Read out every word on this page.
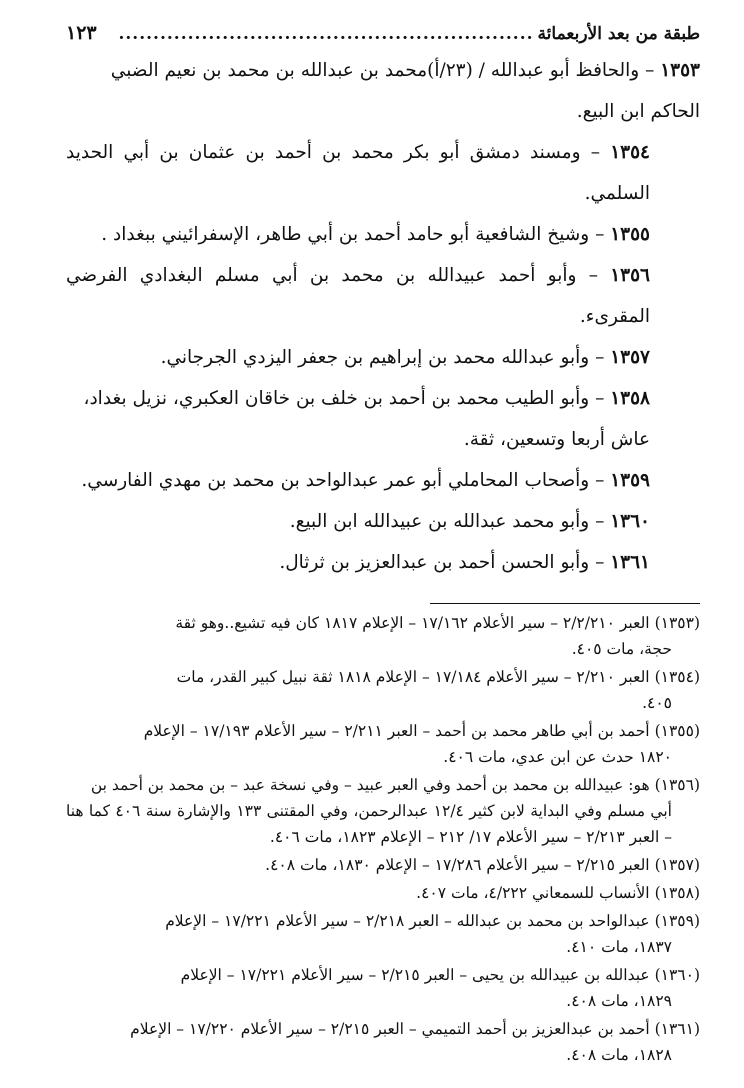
طبقة من بعد الأربعمائة
............................................................
١٢٣

١٣٥٣ – والحافظ أبو عبدالله / (٢٣/أ)محمد بن عبدالله بن محمد بن نعيم الضبي
الحاكم ابن البيع.

١٣٥٤ – ومسند دمشق أبو بكر محمد بن أحمد بن عثمان بن أبي الحديد السلمي.

١٣٥٥ – وشيخ الشافعية أبو حامد أحمد بن أبي طاهر، الإسفرائيني ببغداد .

١٣٥٦ – وأبو أحمد عبيدالله بن محمد بن أبي مسلم البغدادي الفرضي المقرىء.

١٣٥٧ – وأبو عبدالله محمد بن إبراهيم بن جعفر اليزدي الجرجاني.

١٣٥٨ – وأبو الطيب محمد بن أحمد بن خلف بن خاقان العكبري، نزيل بغداد،
عاش أربعا وتسعين، ثقة.

١٣٥٩ – وأصحاب المحاملي أبو عمر عبدالواحد بن محمد بن مهدي الفارسي.

١٣٦٠ – وأبو محمد عبدالله بن عبيدالله ابن البيع.

١٣٦١ – وأبو الحسن أحمد بن عبدالعزيز بن ثرثال.

(١٣٥٣) العبر ٢/٢/٢١٠ – سير الأعلام ١٧/١٦٢ – الإعلام ١٨١٧ كان فيه تشيع..وهو ثقة
حجة، مات ٤٠٥.

(١٣٥٤) العبر ٢/٢١٠ – سير الأعلام ١٧/١٨٤ – الإعلام ١٨١٨ ثقة نبيل كبير القدر، مات
٤٠٥.

(١٣٥٥) أحمد بن أبي طاهر محمد بن أحمد – العبر ٢/٢١١ – سير الأعلام ١٧/١٩٣ – الإعلام
١٨٢٠ حدث عن ابن عدي، مات ٤٠٦.

(١٣٥٦) هو: عبيدالله بن محمد بن أحمد وفي العبر عبيد – وفي نسخة عبد – بن محمد بن أحمد بن
أبي مسلم وفي البداية لابن كثير ١٢/٤ عبدالرحمن، وفي المقتنى ١٣٣ والإشارة سنة ٤٠٦ كما هنا – العبر ٢/٢١٣ – سير الأعلام ١٧/ ٢١٢ – الإعلام ١٨٢٣، مات ٤٠٦.

(١٣٥٧) العبر ٢/٢١٥ – سير الأعلام ١٧/٢٨٦ – الإعلام ١٨٣٠، مات ٤٠٨.

(١٣٥٨) الأنساب للسمعاني ٤/٢٢٢، مات ٤٠٧.

(١٣٥٩) عبدالواحد بن محمد بن عبدالله – العبر ٢/٢١٨ – سير الأعلام ١٧/٢٢١ – الإعلام
١٨٣٧، مات ٤١٠.

(١٣٦٠) عبدالله بن عبيدالله بن يحيى – العبر ٢/٢١٥ – سير الأعلام ١٧/٢٢١ – الإعلام
١٨٢٩، مات ٤٠٨.

(١٣٦١) أحمد بن عبدالعزيز بن أحمد التميمي – العبر ٢/٢١٥ – سير الأعلام ١٧/٢٢٠ – الإعلام
١٨٢٨، مات ٤٠٨.
